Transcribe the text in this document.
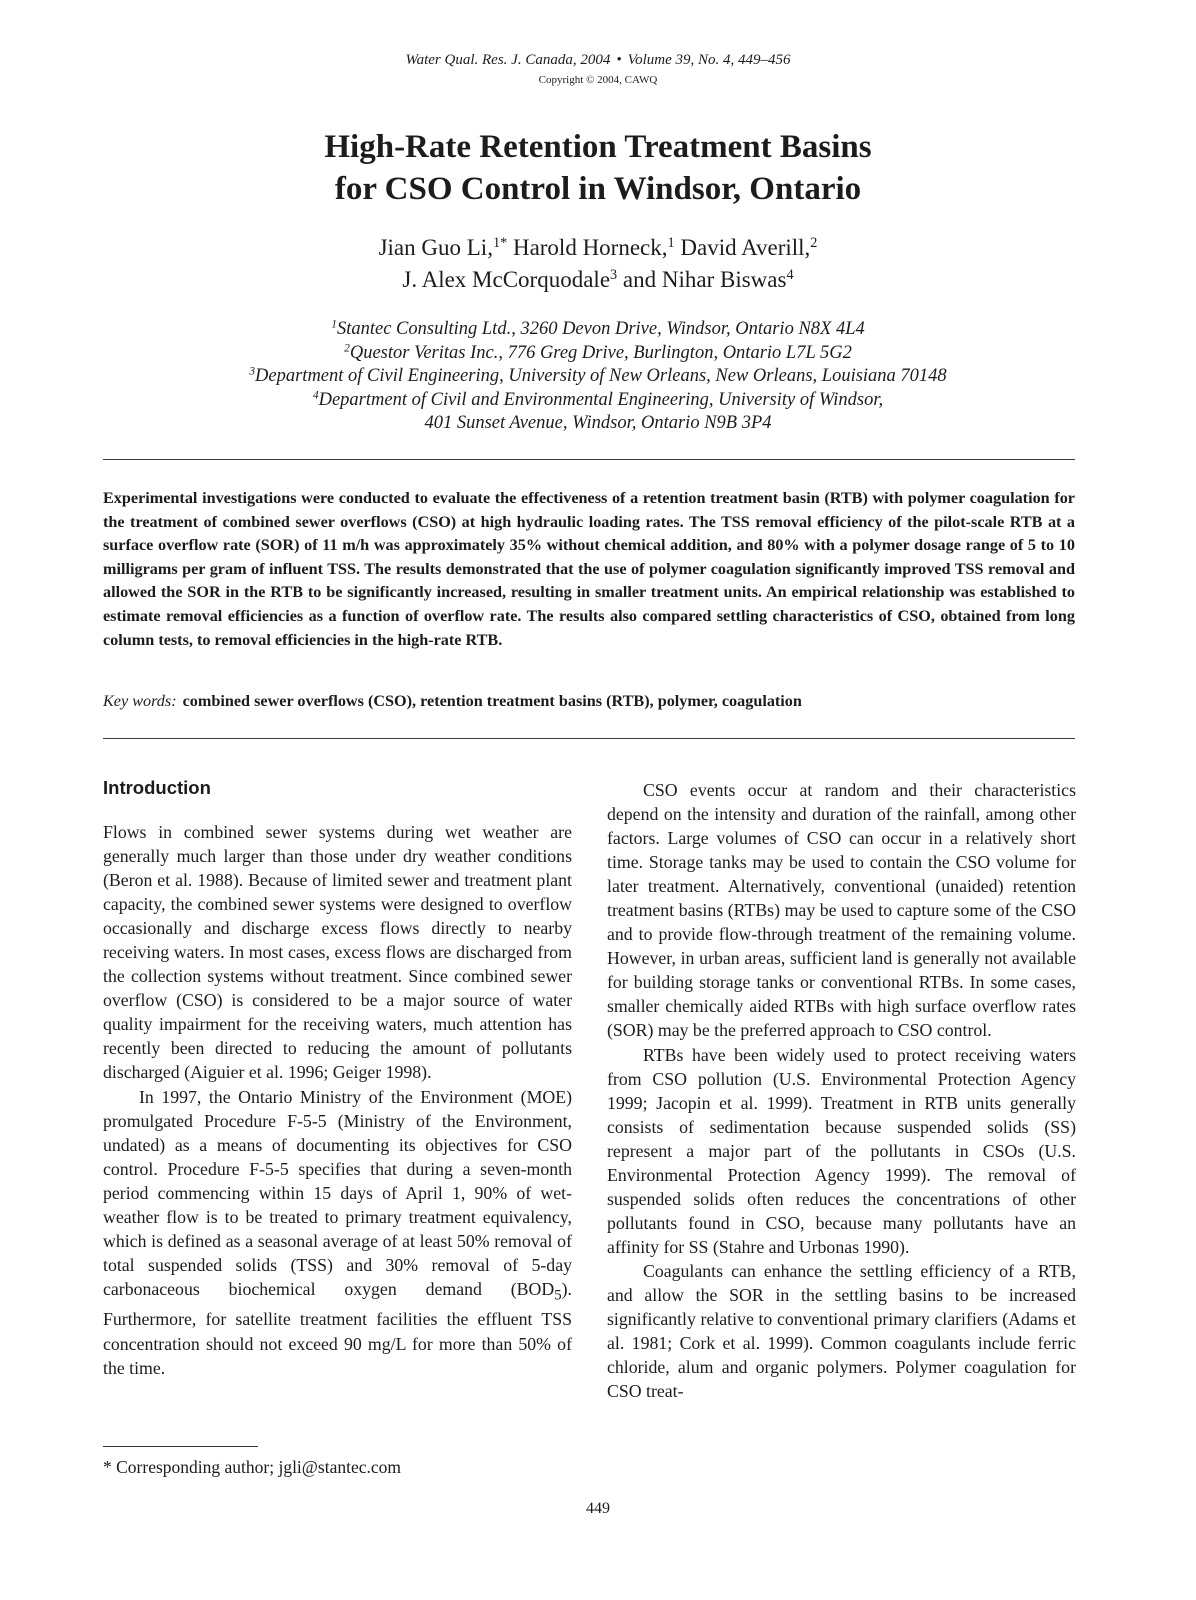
Water Qual. Res. J. Canada, 2004 • Volume 39, No. 4, 449–456
Copyright © 2004, CAWQ
High-Rate Retention Treatment Basins
for CSO Control in Windsor, Ontario
Jian Guo Li,$^{1*}$ Harold Horneck,$^1$ David Averill,$^2$
J. Alex McCorquodale$^3$ and Nihar Biswas$^4$
$^1$Stantec Consulting Ltd., 3260 Devon Drive, Windsor, Ontario N8X 4L4
$^2$Questor Veritas Inc., 776 Greg Drive, Burlington, Ontario L7L 5G2
$^3$Department of Civil Engineering, University of New Orleans, New Orleans, Louisiana 70148
$^4$Department of Civil and Environmental Engineering, University of Windsor,
401 Sunset Avenue, Windsor, Ontario N9B 3P4

Experimental investigations were conducted to evaluate the effectiveness of a retention treatment basin (RTB) with polymer coagulation for the treatment of combined sewer overflows (CSO) at high hydraulic loading rates. The TSS removal efficiency of the pilot-scale RTB at a surface overflow rate (SOR) of 11 m/h was approximately 35% without chemical addition, and 80% with a polymer dosage range of 5 to 10 milligrams per gram of influent TSS. The results demonstrated that the use of polymer coagulation significantly improved TSS removal and allowed the SOR in the RTB to be significantly increased, resulting in smaller treatment units. An empirical relationship was established to estimate removal efficiencies as a function of overflow rate. The results also compared settling characteristics of CSO, obtained from long column tests, to removal efficiencies in the high-rate RTB.

Key words: combined sewer overflows (CSO), retention treatment basins (RTB), polymer, coagulation
Introduction

Flows in combined sewer systems during wet weather are generally much larger than those under dry weather conditions (Beron et al. 1988). Because of limited sewer and treatment plant capacity, the combined sewer systems were designed to overflow occasionally and discharge excess flows directly to nearby receiving waters. In most cases, excess flows are discharged from the collection systems without treatment. Since combined sewer overflow (CSO) is considered to be a major source of water quality impairment for the receiving waters, much attention has recently been directed to reducing the amount of pollutants discharged (Aiguier et al. 1996; Geiger 1998).

In 1997, the Ontario Ministry of the Environment (MOE) promulgated Procedure F-5-5 (Ministry of the Environment, undated) as a means of documenting its objectives for CSO control. Procedure F-5-5 specifies that during a seven-month period commencing within 15 days of April 1, 90% of wet-weather flow is to be treated to primary treatment equivalency, which is defined as a seasonal average of at least 50% removal of total suspended solids (TSS) and 30% removal of 5-day carbonaceous biochemical oxygen demand $(BOD_5)$. Furthermore, for satellite treatment facilities the effluent TSS concentration should not exceed 90 mg/L for more than 50% of the time.

CSO events occur at random and their characteristics depend on the intensity and duration of the rainfall, among other factors. Large volumes of CSO can occur in a relatively short time. Storage tanks may be used to contain the CSO volume for later treatment. Alternatively, conventional (unaided) retention treatment basins (RTBs) may be used to capture some of the CSO and to provide flow-through treatment of the remaining volume. However, in urban areas, sufficient land is generally not available for building storage tanks or conventional RTBs. In some cases, smaller chemically aided RTBs with high surface overflow rates (SOR) may be the preferred approach to CSO control.

RTBs have been widely used to protect receiving waters from CSO pollution (U.S. Environmental Protection Agency 1999; Jacopin et al. 1999). Treatment in RTB units generally consists of sedimentation because suspended solids (SS) represent a major part of the pollutants in CSOs (U.S. Environmental Protection Agency 1999). The removal of suspended solids often reduces the concentrations of other pollutants found in CSO, because many pollutants have an affinity for SS (Stahre and Urbonas 1990).

Coagulants can enhance the settling efficiency of a RTB, and allow the SOR in the settling basins to be increased significantly relative to conventional primary clarifiers (Adams et al. 1981; Cork et al. 1999). Common coagulants include ferric chloride, alum and organic polymers. Polymer coagulation for CSO treat-

* Corresponding author; jgli@stantec.com
449
